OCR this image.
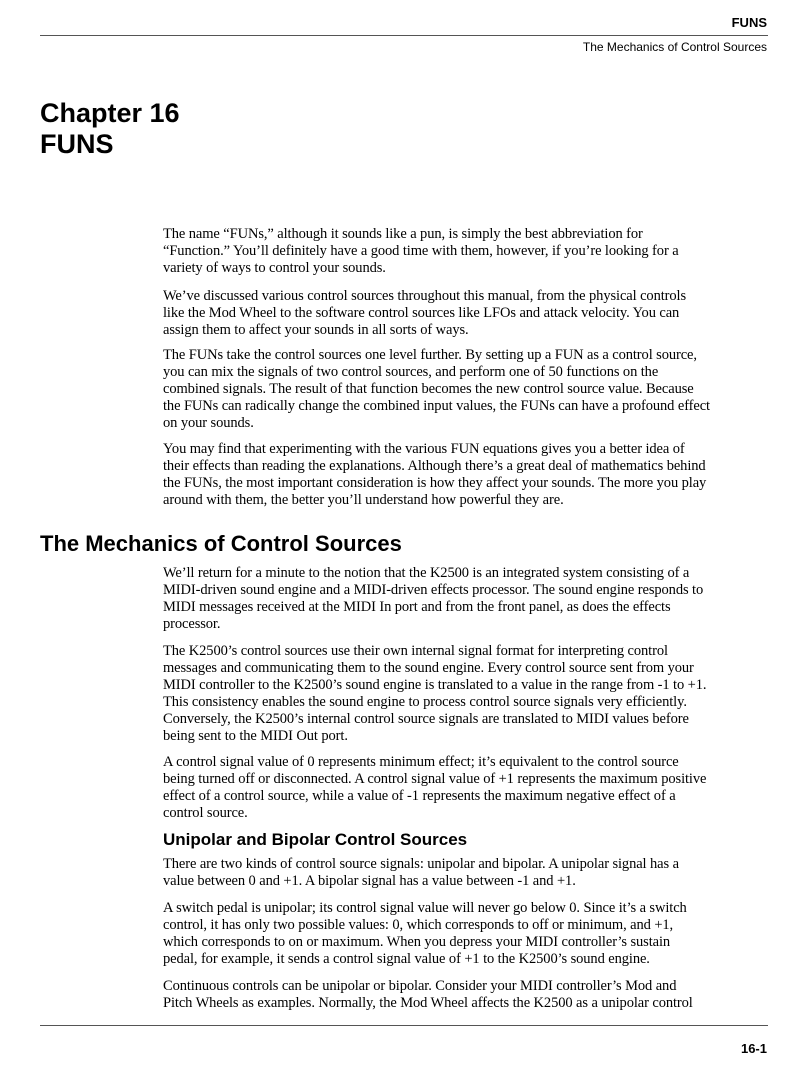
FUNS
The Mechanics of Control Sources
Chapter 16
FUNS

The name “FUNs,” although it sounds like a pun, is simply the best abbreviation for
“Function.” You’ll definitely have a good time with them, however, if you’re looking for a
variety of ways to control your sounds.

We’ve discussed various control sources throughout this manual, from the physical controls
like the Mod Wheel to the software control sources like LFOs and attack velocity. You can
assign them to affect your sounds in all sorts of ways.

The FUNs take the control sources one level further. By setting up a FUN as a control source,
you can mix the signals of two control sources, and perform one of 50 functions on the
combined signals. The result of that function becomes the new control source value. Because
the FUNs can radically change the combined input values, the FUNs can have a profound effect
on your sounds.

You may find that experimenting with the various FUN equations gives you a better idea of
their effects than reading the explanations. Although there’s a great deal of mathematics behind
the FUNs, the most important consideration is how they affect your sounds. The more you play
around with them, the better you’ll understand how powerful they are.

The Mechanics of Control Sources

We’ll return for a minute to the notion that the K2500 is an integrated system consisting of a
MIDI-driven sound engine and a MIDI-driven effects processor. The sound engine responds to
MIDI messages received at the MIDI In port and from the front panel, as does the effects
processor.

The K2500’s control sources use their own internal signal format for interpreting control
messages and communicating them to the sound engine. Every control source sent from your
MIDI controller to the K2500’s sound engine is translated to a value in the range from -1 to +1.
This consistency enables the sound engine to process control source signals very efficiently.
Conversely, the K2500’s internal control source signals are translated to MIDI values before
being sent to the MIDI Out port.

A control signal value of 0 represents minimum effect; it’s equivalent to the control source
being turned off or disconnected. A control signal value of +1 represents the maximum positive
effect of a control source, while a value of -1 represents the maximum negative effect of a
control source.

Unipolar and Bipolar Control Sources

There are two kinds of control source signals: unipolar and bipolar. A unipolar signal has a
value between 0 and +1. A bipolar signal has a value between -1 and +1.

A switch pedal is unipolar; its control signal value will never go below 0. Since it’s a switch
control, it has only two possible values: 0, which corresponds to off or minimum, and +1,
which corresponds to on or maximum. When you depress your MIDI controller’s sustain
pedal, for example, it sends a control signal value of +1 to the K2500’s sound engine.

Continuous controls can be unipolar or bipolar. Consider your MIDI controller’s Mod and
Pitch Wheels as examples. Normally, the Mod Wheel affects the K2500 as a unipolar control

16-1
